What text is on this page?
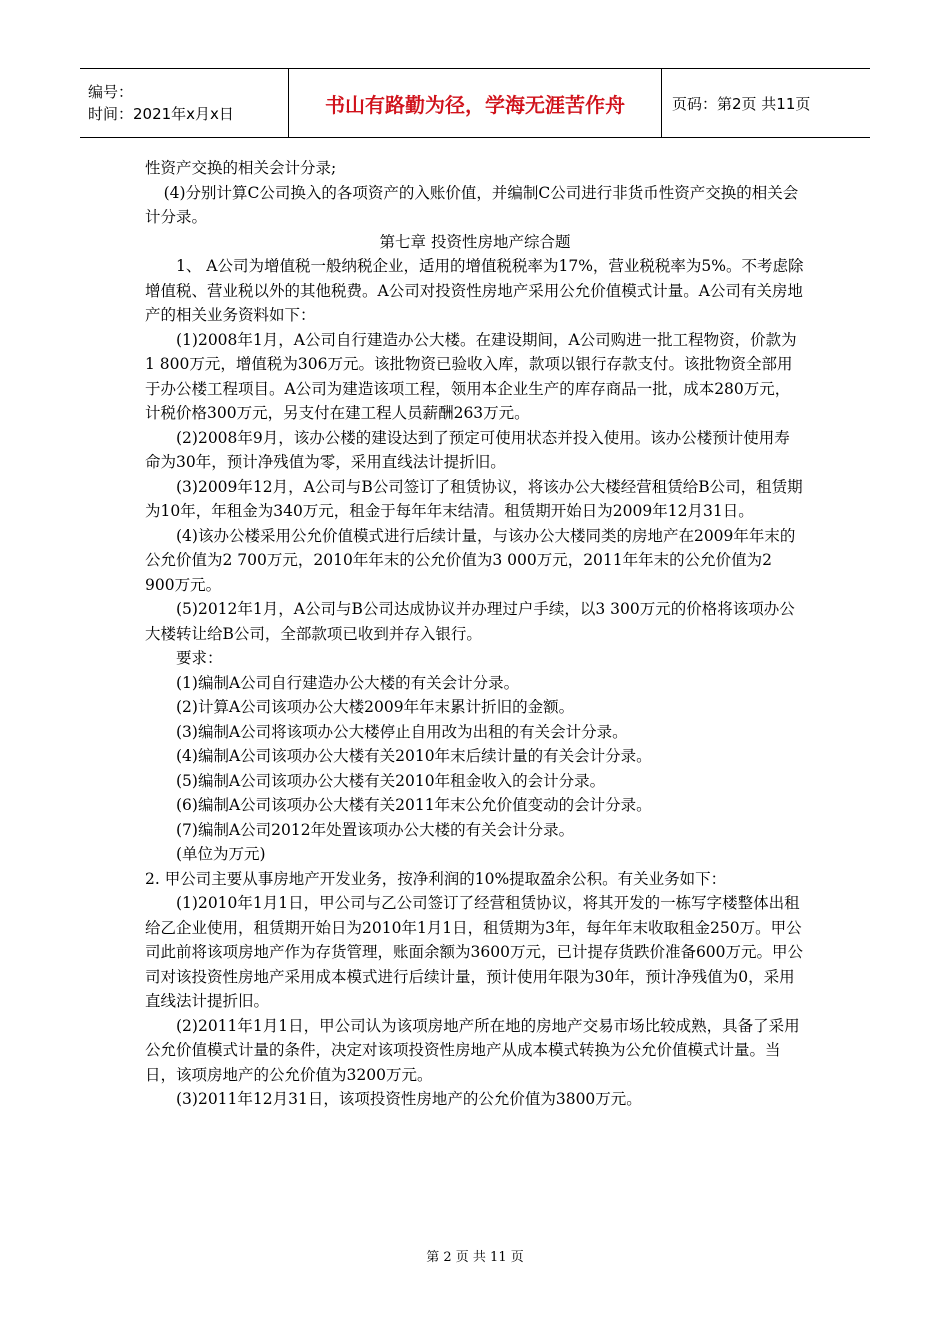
编号：
时间：2021年x月x日	书山有路勤为径，学海无涯苦作舟	页码：第2页 共11页

性资产交换的相关会计分录;

(4)分别计算C公司换入的各项资产的入账价值，并编制C公司进行非货币性资产交换的相关会计分录。

第七章 投资性房地产综合题

1、 A公司为增值税一般纳税企业，适用的增值税税率为17%，营业税税率为5%。不考虑除增值税、营业税以外的其他税费。A公司对投资性房地产采用公允价值模式计量。A公司有关房地产的相关业务资料如下：

(1)2008年1月，A公司自行建造办公大楼。在建设期间，A公司购进一批工程物资，价款为1 800万元，增值税为306万元。该批物资已验收入库，款项以银行存款支付。该批物资全部用于办公楼工程项目。A公司为建造该项工程，领用本企业生产的库存商品一批，成本280万元，计税价格300万元，另支付在建工程人员薪酬263万元。

(2)2008年9月，该办公楼的建设达到了预定可使用状态并投入使用。该办公楼预计使用寿命为30年，预计净残值为零，采用直线法计提折旧。

(3)2009年12月，A公司与B公司签订了租赁协议，将该办公大楼经营租赁给B公司，租赁期为10年，年租金为340万元，租金于每年年末结清。租赁期开始日为2009年12月31日。

(4)该办公楼采用公允价值模式进行后续计量，与该办公大楼同类的房地产在2009年年末的公允价值为2 700万元，2010年年末的公允价值为3 000万元，2011年年末的公允价值为2 900万元。

(5)2012年1月，A公司与B公司达成协议并办理过户手续，以3 300万元的价格将该项办公大楼转让给B公司，全部款项已收到并存入银行。

要求：

(1)编制A公司自行建造办公大楼的有关会计分录。

(2)计算A公司该项办公大楼2009年年末累计折旧的金额。

(3)编制A公司将该项办公大楼停止自用改为出租的有关会计分录。

(4)编制A公司该项办公大楼有关2010年末后续计量的有关会计分录。

(5)编制A公司该项办公大楼有关2010年租金收入的会计分录。

(6)编制A公司该项办公大楼有关2011年末公允价值变动的会计分录。

(7)编制A公司2012年处置该项办公大楼的有关会计分录。

(单位为万元)

2. 甲公司主要从事房地产开发业务，按净利润的10%提取盈余公积。有关业务如下：

(1)2010年1月1日，甲公司与乙公司签订了经营租赁协议，将其开发的一栋写字楼整体出租给乙企业使用，租赁期开始日为2010年1月1日，租赁期为3年，每年年末收取租金250万。甲公司此前将该项房地产作为存货管理，账面余额为3600万元，已计提存货跌价准备600万元。甲公司对该投资性房地产采用成本模式进行后续计量，预计使用年限为30年，预计净残值为0，采用直线法计提折旧。

(2)2011年1月1日，甲公司认为该项房地产所在地的房地产交易市场比较成熟，具备了采用公允价值模式计量的条件，决定对该项投资性房地产从成本模式转换为公允价值模式计量。当日，该项房地产的公允价值为3200万元。

(3)2011年12月31日，该项投资性房地产的公允价值为3800万元。

第 2 页 共 11 页
